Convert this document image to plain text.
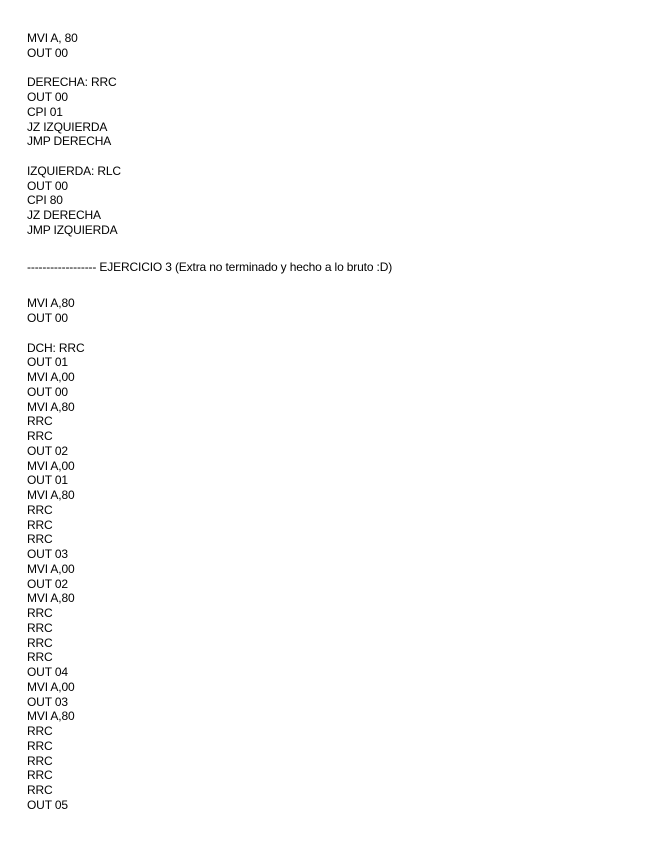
MVI A, 80
OUT 00
DERECHA: RRC
OUT 00
CPI 01
JZ IZQUIERDA
JMP DERECHA
IZQUIERDA: RLC
OUT 00
CPI 80
JZ DERECHA
JMP IZQUIERDA
------------------ EJERCICIO 3 (Extra no terminado y hecho a lo bruto :D)
MVI A,80
OUT 00
DCH: RRC
OUT 01
MVI A,00
OUT 00
MVI A,80
RRC
RRC
OUT 02
MVI A,00
OUT 01
MVI A,80
RRC
RRC
RRC
OUT 03
MVI A,00
OUT 02
MVI A,80
RRC
RRC
RRC
RRC
OUT 04
MVI A,00
OUT 03
MVI A,80
RRC
RRC
RRC
RRC
RRC
OUT 05
